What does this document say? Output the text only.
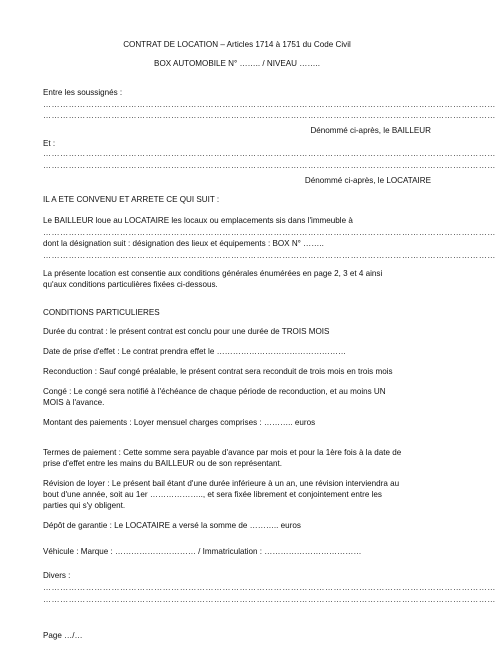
CONTRAT DE LOCATION – Articles 1714 à 1751 du Code Civil
BOX AUTOMOBILE N° …….. / NIVEAU ……..
Entre les soussignés :
……………………………………………………………………………………………………………………………………………
……………………………………………………………………………………………………………………………………………
Dénommé ci-après, le BAILLEUR
Et :
……………………………………………………………………………………………………………………………………………
……………………………………………………………………………………………………………………………………………
Dénommé ci-après, le LOCATAIRE
IL A ETE CONVENU ET ARRETE CE QUI SUIT :
Le BAILLEUR loue au LOCATAIRE les locaux ou emplacements sis dans l'immeuble à
……………………………………………………………………………………………………………………………………………
dont la désignation suit : désignation des lieux et équipements : BOX N° ……..
……………………………………………………………………………………………………………………………………………
La présente location est consentie aux conditions générales énumérées en page 2, 3 et 4 ainsi
qu'aux conditions particulières fixées ci-dessous.
CONDITIONS PARTICULIERES
Durée du contrat : le présent contrat est conclu pour une durée de TROIS MOIS
Date de prise d'effet : Le contrat prendra effet le …………………………………………
Reconduction : Sauf congé préalable, le présent contrat sera reconduit de trois mois en trois mois
Congé : Le congé sera notifié à l'échéance de chaque période de reconduction, et au moins UN
MOIS à l'avance.
Montant des paiements : Loyer mensuel charges comprises : ……….. euros
Termes de paiement : Cette somme sera payable d'avance par mois et pour la 1ère fois à la date de
prise d'effet entre les mains du BAILLEUR ou de son représentant.
Révision de loyer : Le présent bail étant d'une durée inférieure à un an, une révision interviendra au
bout d'une année, soit au 1er ……………….., et sera fixée librement et conjointement entre les
parties qui s'y obligent.
Dépôt de garantie : Le LOCATAIRE a versé la somme de ……….. euros
Véhicule : Marque : ………………………… / Immatriculation : ………………………………
Divers :
……………………………………………………………………………………………………………………………………………
……………………………………………………………………………………………………………………………………………
Page …/…
